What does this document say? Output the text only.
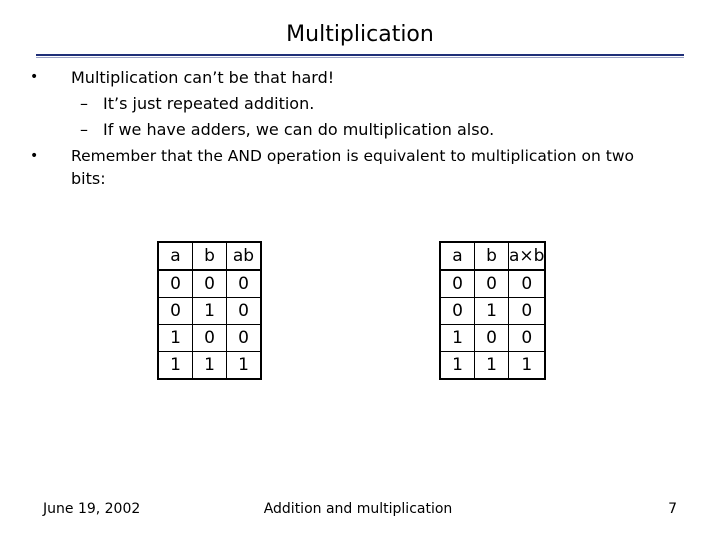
Multiplication
• Multiplication can’t be that hard!
– It’s just repeated addition.
– If we have adders, we can do multiplication also.
• Remember that the AND operation is equivalent to multiplication on two
bits:
a	b	ab
0	0	0
0	1	0
1	0	0
1	1	1
a	b	a×b
0	0	0
0	1	0
1	0	0
1	1	1
June 19, 2002	Addition and multiplication	7
